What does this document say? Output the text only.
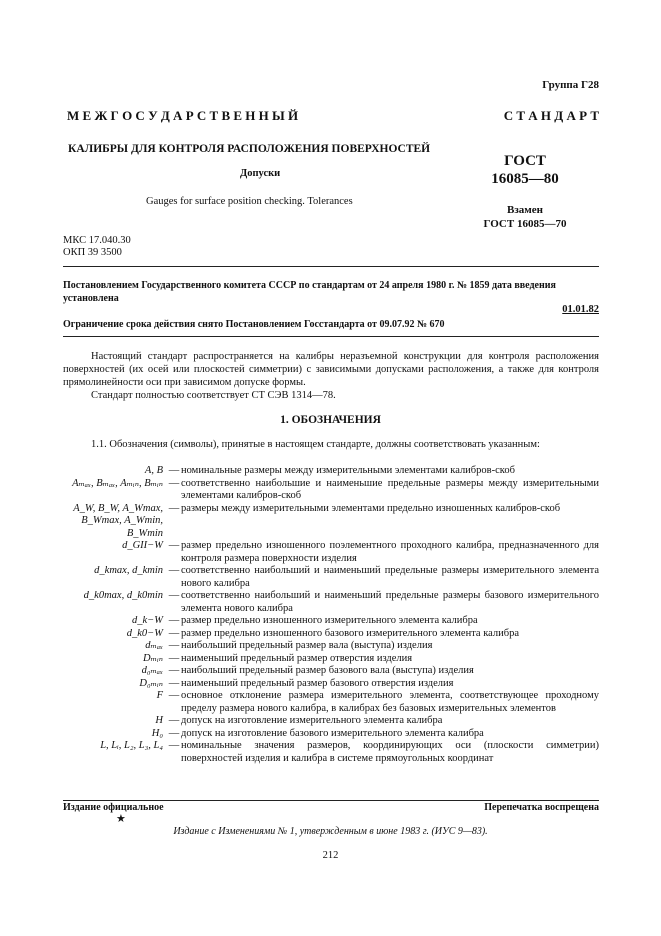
Группа Г28
М Е Ж Г О С У Д А Р С Т В Е Н Н Ы Й	С Т А Н Д А Р Т
КАЛИБРЫ ДЛЯ КОНТРОЛЯ РАСПОЛОЖЕНИЯ ПОВЕРХНОСТЕЙ
ГОСТ
16085—80
Допуски
Gauges for surface position checking. Tolerances
Взамен
ГОСТ 16085—70
МКС 17.040.30
ОКП 39 3500
Постановлением Государственного комитета СССР по стандартам от 24 апреля 1980 г. № 1859 дата введения установлена
01.01.82
Ограничение срока действия снято Постановлением Госстандарта от 09.07.92 № 670

Настоящий стандарт распространяется на калибры неразъемной конструкции для контроля расположения поверхностей (их осей или плоскостей симметрии) с зависимыми допусками расположения, а также для контроля прямолинейности оси при зависимом допуске формы.

Стандарт полностью соответствует СТ СЭВ 1314—78.

1. ОБОЗНАЧЕНИЯ
1.1. Обозначения (символы), принятые в настоящем стандарте, должны соответствовать указанным:
A, B — номинальные размеры между измерительными элементами калибров-скоб
Aₘₐₓ, Bₘₐₓ, Aₘᵢₙ, Bₘᵢₙ — соответственно наибольшие и наименьшие предельные размеры между измерительными элементами калибров-скоб
A_W, B_W, A_Wmax, B_Wmax, A_Wmin, B_Wmin
— размеры между измерительными элементами предельно изношенных калибров-скоб
d_GII−W — размер предельно изношенного поэлементного проходного калибра, предназначенного для контроля размера поверхности изделия
d_kmax, d_kmin — соответственно наибольший и наименьший предельные размеры измерительного элемента нового калибра
d_k0max, d_k0min — соответственно наибольший и наименьший предельные размеры базового измерительного элемента нового калибра
d_k−W — размер предельно изношенного измерительного элемента калибра
d_k0−W — размер предельно изношенного базового измерительного элемента калибра
dₘₐₓ — наибольший предельный размер вала (выступа) изделия
Dₘᵢₙ — наименьший предельный размер отверстия изделия
d₀ₘₐₓ — наибольший предельный размер базового вала (выступа) изделия
D₀ₘᵢₙ — наименьший предельный размер базового отверстия изделия
F — основное отклонение размера измерительного элемента, соответствующее проходному пределу размера нового калибра, в калибрах без базовых измерительных элементов
H — допуск на изготовление измерительного элемента калибра
H₀ — допуск на изготовление базового измерительного элемента калибра
L, Lᵢ, L₂, L₃, L₄ — номинальные значения размеров, координирующих оси (плоскости симметрии) поверхностей изделия и калибра в системе прямоугольных координат
Издание официальное	Перепечатка воспрещена
★
Издание с Изменениями № 1, утвержденным в июне 1983 г. (ИУС 9—83).
212
